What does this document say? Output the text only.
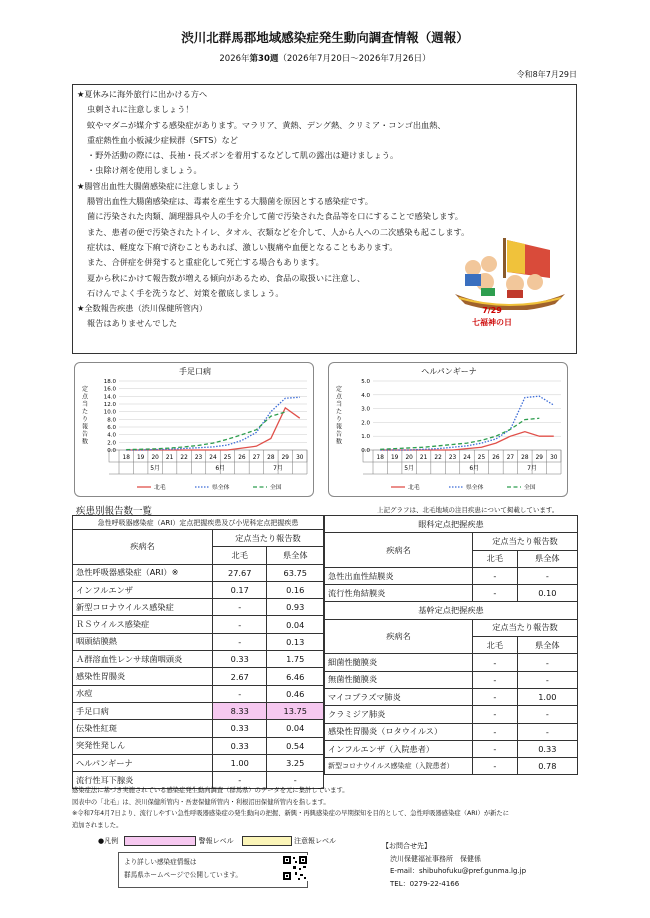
渋川北群馬郡地域感染症発生動向調査情報（週報）
2026年第30週（2026年7月20日～2026年7月26日）
令和8年7月29日
★夏休みに海外旅行に出かける方へ
虫刺されに注意しましょう！
蚊やマダニが媒介する感染症があります。マラリア、黄熱、デング熱、クリミア・コンゴ出血熱、
重症熱性血小板減少症候群（SFTS）など
・野外活動の際には、長袖・長ズボンを着用するなどして肌の露出は避けましょう。
・虫除け剤を使用しましょう。
★腸管出血性大腸菌感染症に注意しましょう
腸管出血性大腸菌感染症は、毒素を産生する大腸菌を原因とする感染症です。
菌に汚染された肉類、調理器具や人の手を介して菌で汚染された食品等を口にすることで感染します。
また、患者の便で汚染されたトイレ、タオル、衣類などを介して、人から人への二次感染も起こします。
症状は、軽度な下痢で済むこともあれば、激しい腹痛や血便となることもあります。
また、合併症を併発すると重症化して死亡する場合もあります。
夏から秋にかけて報告数が増える傾向があるため、食品の取扱いに注意し、
石けんでよく手を洗うなど、対策を徹底しましょう。
★全数報告疾患（渋川保健所管内）
報告はありませんでした
7/29
七福神の日
手足口病
定
点
当
た
り
報
告
数
0.0
2.0
4.0
6.0
8.0
10.0
12.0
14.0
16.0
18.0
18 19 20 21 22 23 24 25 26 27 28 29 30
5月	6月	7月
北毛	県全体	全国
ヘルパンギーナ
定
点
当
た
り
報
告
数
0.0
1.0
2.0
3.0
4.0
5.0
18 19 20 21 22 23 24 25 26 27 28 29 30
5月	6月	7月
北毛	県全体	全国
疾患別報告数一覧	上記グラフは、北毛地域の注目疾患について掲載しています。
急性呼吸器感染症（ARI）定点把握疾患及び小児科定点把握疾患		
疾病名	定点当たり報告数	
	北毛	県全体
急性呼吸器感染症（ARI）※	27.67	63.75
インフルエンザ	0.17	0.16
新型コロナウイルス感染症	-	0.93
ＲＳウイルス感染症	-	0.04
咽頭結膜熱	-	0.13
Ａ群溶血性レンサ球菌咽頭炎	0.33	1.75
感染性胃腸炎	2.67	6.46
水痘	-	0.46
手足口病	8.33	13.75
伝染性紅斑	0.33	0.04
突発性発しん	0.33	0.54
ヘルパンギーナ	1.00	3.25
流行性耳下腺炎	-	-
眼科定点把握疾患		
疾病名	定点当たり報告数	
	北毛	県全体
急性出血性結膜炎	-	-
流行性角結膜炎	-	0.10
基幹定点把握疾患		
疾病名	定点当たり報告数	
	北毛	県全体
細菌性髄膜炎	-	-
無菌性髄膜炎	-	-
マイコプラズマ肺炎	-	1.00
クラミジア肺炎	-	-
感染性胃腸炎（ロタウイルス）	-	-
インフルエンザ（入院患者）	-	0.33
新型コロナウイルス感染症（入院患者）	-	0.78
感染症法に基づき実施されている感染症発生動向調査（群馬県）のデータを元に集計しています。
図表中の「北毛」は、渋川保健所管内・吾妻保健所管内・利根沼田保健所管内を指します。
※令和7年4月7日より、流行しやすい急性呼吸器感染症の発生動向の把握、新興・再興感染症の早期探知を目的として、急性呼吸器感染症（ARI）が新たに
追加されました。
●凡例	警報レベル	注意報レベル
より詳しい感染症情報は
群馬県ホームページで公開しています。
【お問合せ先】
渋川保健福祉事務所　保健係
E-mail：shibuhofuku@pref.gunma.lg.jp
TEL：0279-22-4166
